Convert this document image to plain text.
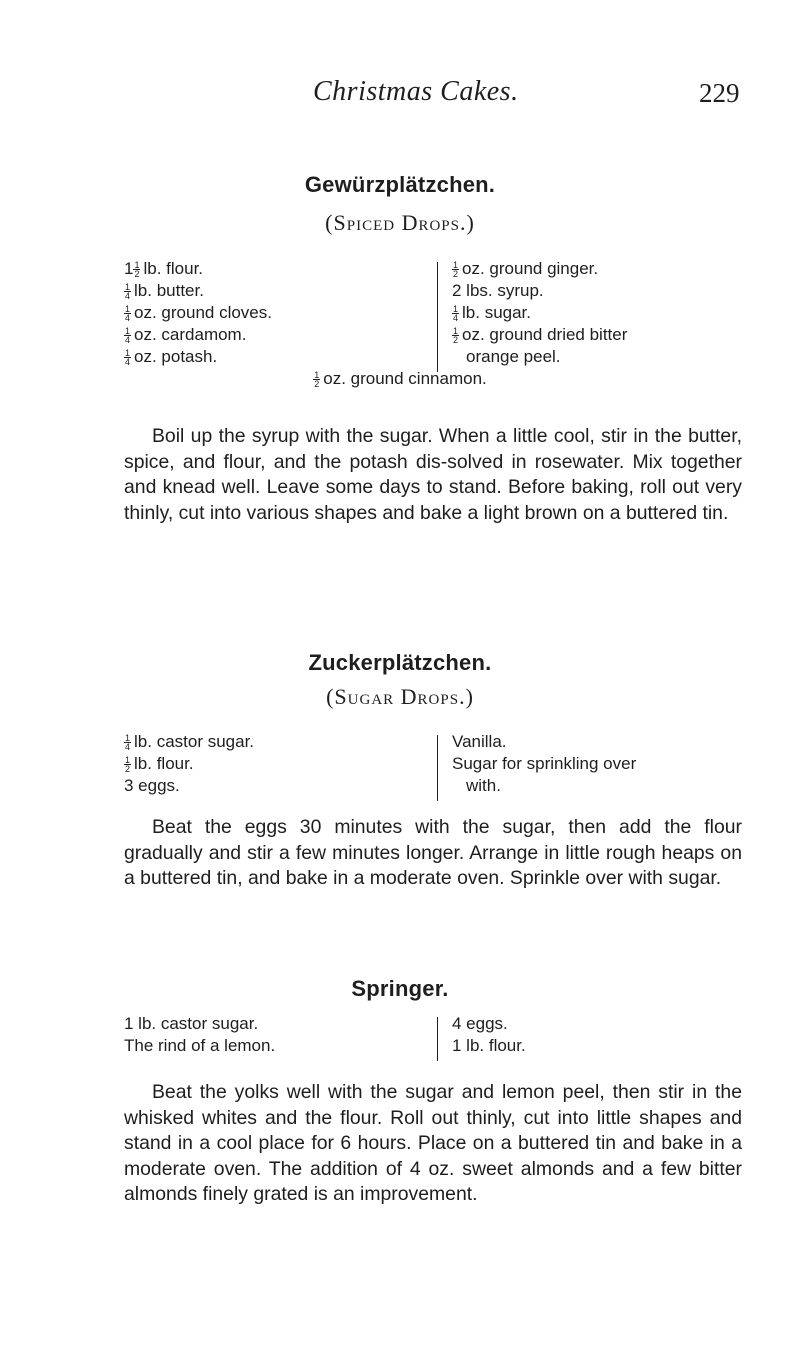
Christmas Cakes.	229
Gewürzplätzchen.
(Spiced Drops.)
$1 \frac{1}{2}$ lb. flour.
$\frac{1}{4}$ lb. butter.
$\frac{1}{4}$ oz. ground cloves.
$\frac{1}{4}$ oz. cardamom.
$\frac{1}{4}$ oz. potash.
$\frac{1}{2}$ oz. ground ginger.
2 lbs. syrup.
$\frac{1}{4}$ lb. sugar.
$\frac{1}{2}$ oz. ground dried bitter
orange peel.
$\frac{1}{2}$ oz. ground cinnamon.

Boil up the syrup with the sugar. When a little cool, stir in the butter, spice, and flour, and the potash dis-solved in rosewater. Mix together and knead well. Leave some days to stand. Before baking, roll out very thinly, cut into various shapes and bake a light brown on a buttered tin.

Zuckerplätzchen.
(Sugar Drops.)
$\frac{1}{4}$ lb. castor sugar.
$\frac{1}{2}$ lb. flour.
3 eggs.
Vanilla.
Sugar for sprinkling over
with.

Beat the eggs 30 minutes with the sugar, then add the flour gradually and stir a few minutes longer. Arrange in little rough heaps on a buttered tin, and bake in a moderate oven. Sprinkle over with sugar.

Springer.
1 lb. castor sugar.
The rind of a lemon.
4 eggs.
1 lb. flour.

Beat the yolks well with the sugar and lemon peel, then stir in the whisked whites and the flour. Roll out thinly, cut into little shapes and stand in a cool place for 6 hours. Place on a buttered tin and bake in a moderate oven. The addition of 4 oz. sweet almonds and a few bitter almonds finely grated is an improvement.
